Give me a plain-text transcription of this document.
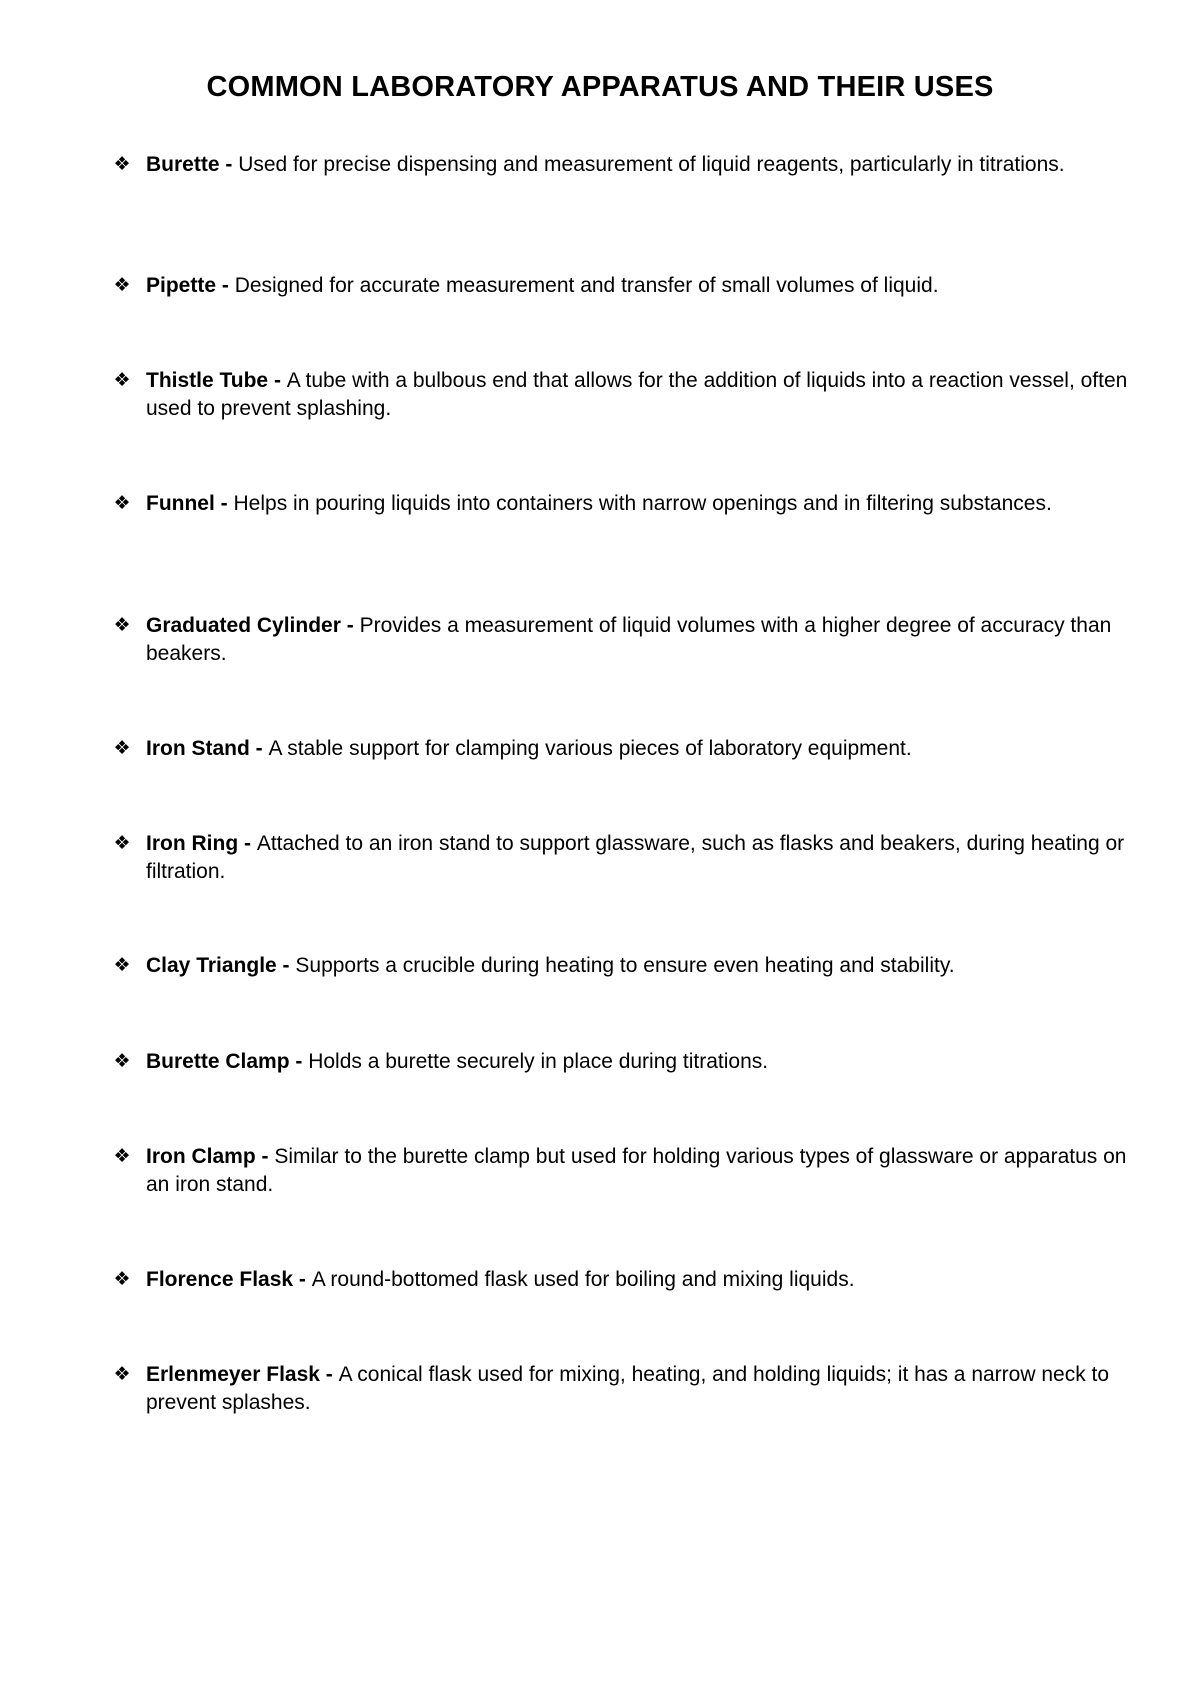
COMMON LABORATORY APPARATUS AND THEIR USES
❖ Burette - Used for precise dispensing and measurement of liquid reagents, particularly in titrations.
❖ Pipette - Designed for accurate measurement and transfer of small volumes of liquid.
❖ Thistle Tube - A tube with a bulbous end that allows for the addition of liquids into a reaction vessel, often used to prevent splashing.
❖ Funnel - Helps in pouring liquids into containers with narrow openings and in filtering substances.
❖ Graduated Cylinder - Provides a measurement of liquid volumes with a higher degree of accuracy than beakers.
❖ Iron Stand - A stable support for clamping various pieces of laboratory equipment.
❖ Iron Ring - Attached to an iron stand to support glassware, such as flasks and beakers, during heating or filtration.
❖ Clay Triangle - Supports a crucible during heating to ensure even heating and stability.
❖ Burette Clamp - Holds a burette securely in place during titrations.
❖ Iron Clamp - Similar to the burette clamp but used for holding various types of glassware or apparatus on an iron stand.
❖ Florence Flask - A round-bottomed flask used for boiling and mixing liquids.
❖ Erlenmeyer Flask - A conical flask used for mixing, heating, and holding liquids; it has a narrow neck to prevent splashes.
